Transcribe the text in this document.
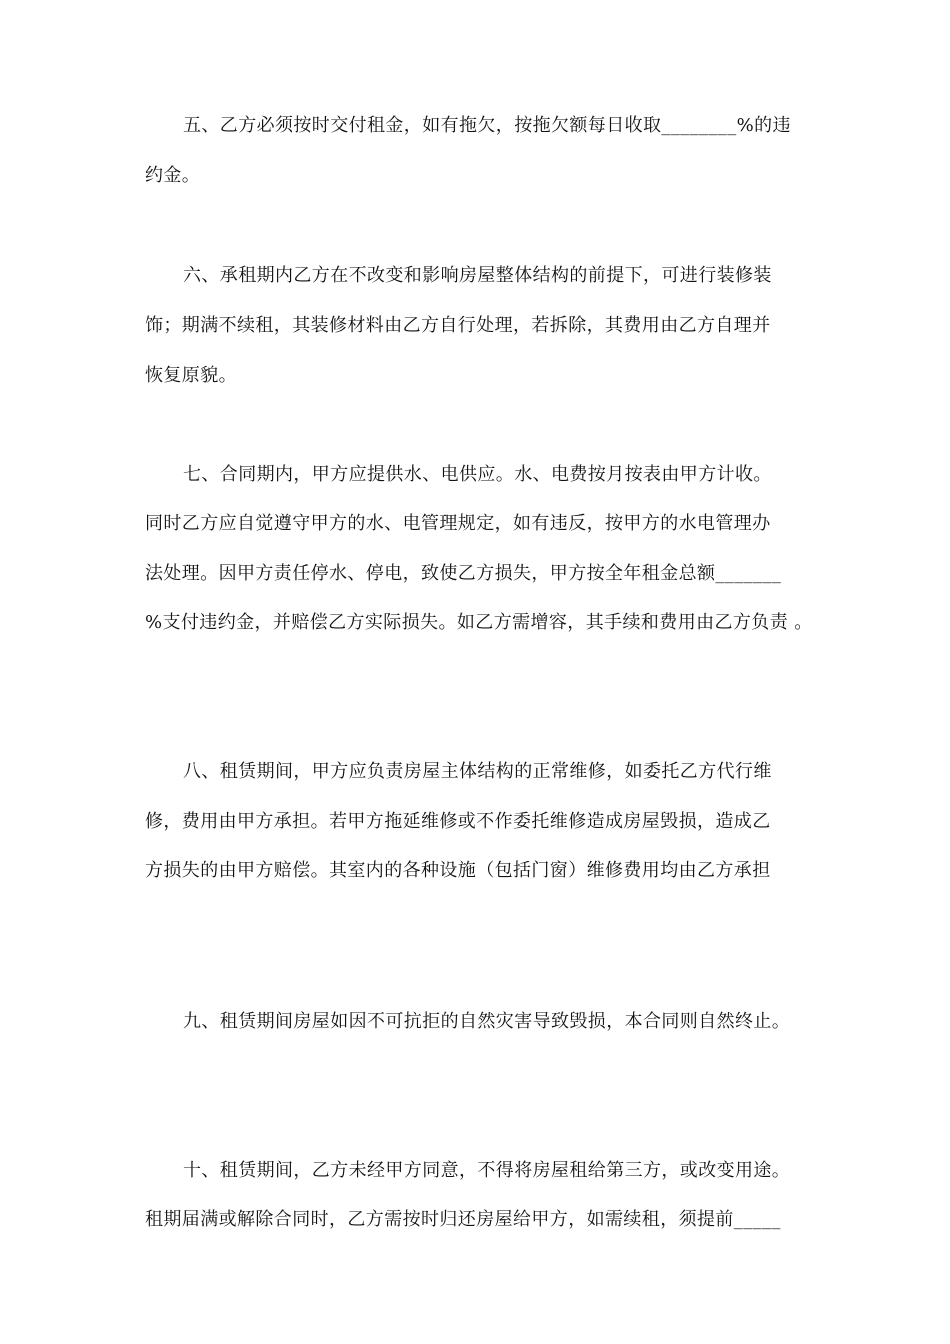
五、乙方必须按时交付租金，如有拖欠，按拖欠额每日收取________%的违
约金。
六、承租期内乙方在不改变和影响房屋整体结构的前提下，可进行装修装
饰；期满不续租，其装修材料由乙方自行处理，若拆除，其费用由乙方自理并
恢复原貌。
七、合同期内，甲方应提供水、电供应。水、电费按月按表由甲方计收。
同时乙方应自觉遵守甲方的水、电管理规定，如有违反，按甲方的水电管理办
法处理。因甲方责任停水、停电，致使乙方损失，甲方按全年租金总额_______
%支付违约金，并赔偿乙方实际损失。如乙方需增容，其手续和费用由乙方负责 。
八、租赁期间，甲方应负责房屋主体结构的正常维修，如委托乙方代行维
修，费用由甲方承担。若甲方拖延维修或不作委托维修造成房屋毁损，造成乙
方损失的由甲方赔偿。其室内的各种设施（包括门窗）维修费用均由乙方承担
九、租赁期间房屋如因不可抗拒的自然灾害导致毁损，本合同则自然终止。
十、租赁期间，乙方未经甲方同意，不得将房屋租给第三方，或改变用途。
租期届满或解除合同时，乙方需按时归还房屋给甲方，如需续租，须提前_____
